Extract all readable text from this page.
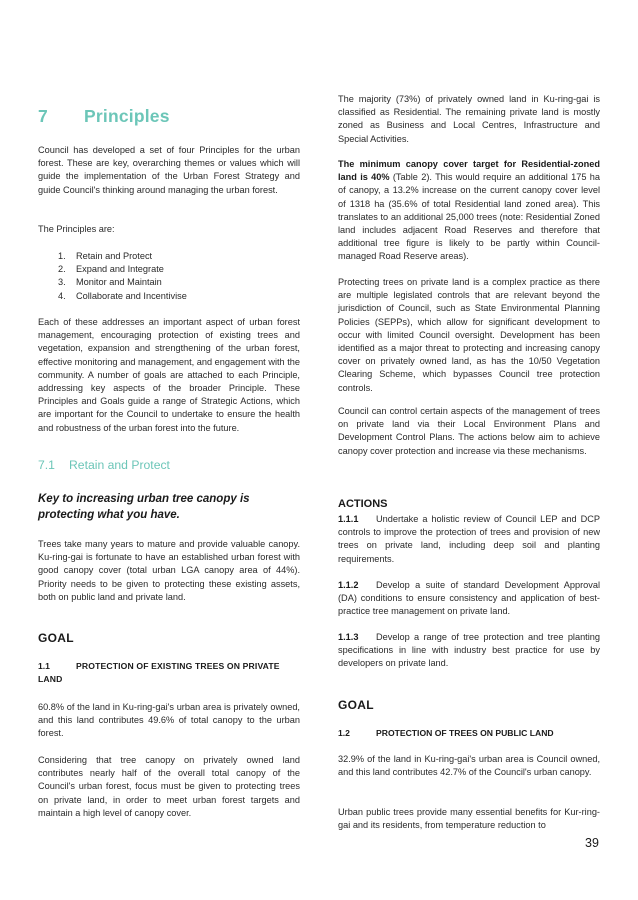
7 Principles

Council has developed a set of four Principles for the urban forest. These are key, overarching themes or values which will guide the implementation of the Urban Forest Strategy and guide Council's thinking around managing the urban forest.

The Principles are:

1.	Retain and Protect
2.	Expand and Integrate
3.	Monitor and Maintain
4.	Collaborate and Incentivise

Each of these addresses an important aspect of urban forest management, encouraging protection of existing trees and vegetation, expansion and strengthening of the urban forest, effective monitoring and management, and engagement with the community. A number of goals are attached to each Principle, addressing key aspects of the broader Principle. These Principles and Goals guide a range of Strategic Actions, which are important for the Council to undertake to ensure the health and robustness of the urban forest into the future.

7.1 Retain and Protect
Key to increasing urban tree canopy is protecting what you have.

Trees take many years to mature and provide valuable canopy. Ku-ring-gai is fortunate to have an established urban forest with good canopy cover (total urban LGA canopy area of 44%). Priority needs to be given to protecting these existing assets, both on public land and private land.

GOAL
1.1	PROTECTION OF EXISTING TREES ON PRIVATE LAND

60.8% of the land in Ku-ring-gai's urban area is privately owned, and this land contributes 49.6% of total canopy to the urban forest.

Considering that tree canopy on privately owned land contributes nearly half of the overall total canopy of the Council's urban forest, focus must be given to protecting trees on private land, in order to meet urban forest targets and maintain a high level of canopy cover.

The majority (73%) of privately owned land in Ku-ring-gai is classified as Residential. The remaining private land is mostly zoned as Business and Local Centres, Infrastructure and Special Activities.

The minimum canopy cover target for Residential-zoned land is 40% (Table 2). This would require an additional 175 ha of canopy, a 13.2% increase on the current canopy cover level of 1318 ha (35.6% of total Residential land zoned area). This translates to an additional 25,000 trees (note: Residential Zoned land includes adjacent Road Reserves and therefore that additional tree figure is likely to be partly within Council-managed Road Reserve areas).

Protecting trees on private land is a complex practice as there are multiple legislated controls that are relevant beyond the jurisdiction of Council, such as State Environmental Planning Policies (SEPPs), which allow for significant development to occur with limited Council oversight. Development has been identified as a major threat to protecting and increasing canopy cover on privately owned land, as has the 10/50 Vegetation Clearing Scheme, which bypasses Council tree protection controls.

Council can control certain aspects of the management of trees on private land via their Local Environment Plans and Development Control Plans. The actions below aim to achieve canopy cover protection and increase via these mechanisms.

ACTIONS
1.1.1 Undertake a holistic review of Council LEP and DCP controls to improve the protection of trees and provision of new trees on private land, including deep soil and planting requirements.
1.1.2 Develop a suite of standard Development Approval (DA) conditions to ensure consistency and application of best-practice tree management on private land.
1.1.3 Develop a range of tree protection and tree planting specifications in line with industry best practice for use by developers on private land.
GOAL
1.2	PROTECTION OF TREES ON PUBLIC LAND

32.9% of the land in Ku-ring-gai's urban area is Council owned, and this land contributes 42.7% of the Council's urban canopy.

Urban public trees provide many essential benefits for Kur-ring-gai and its residents, from temperature reduction to

39
